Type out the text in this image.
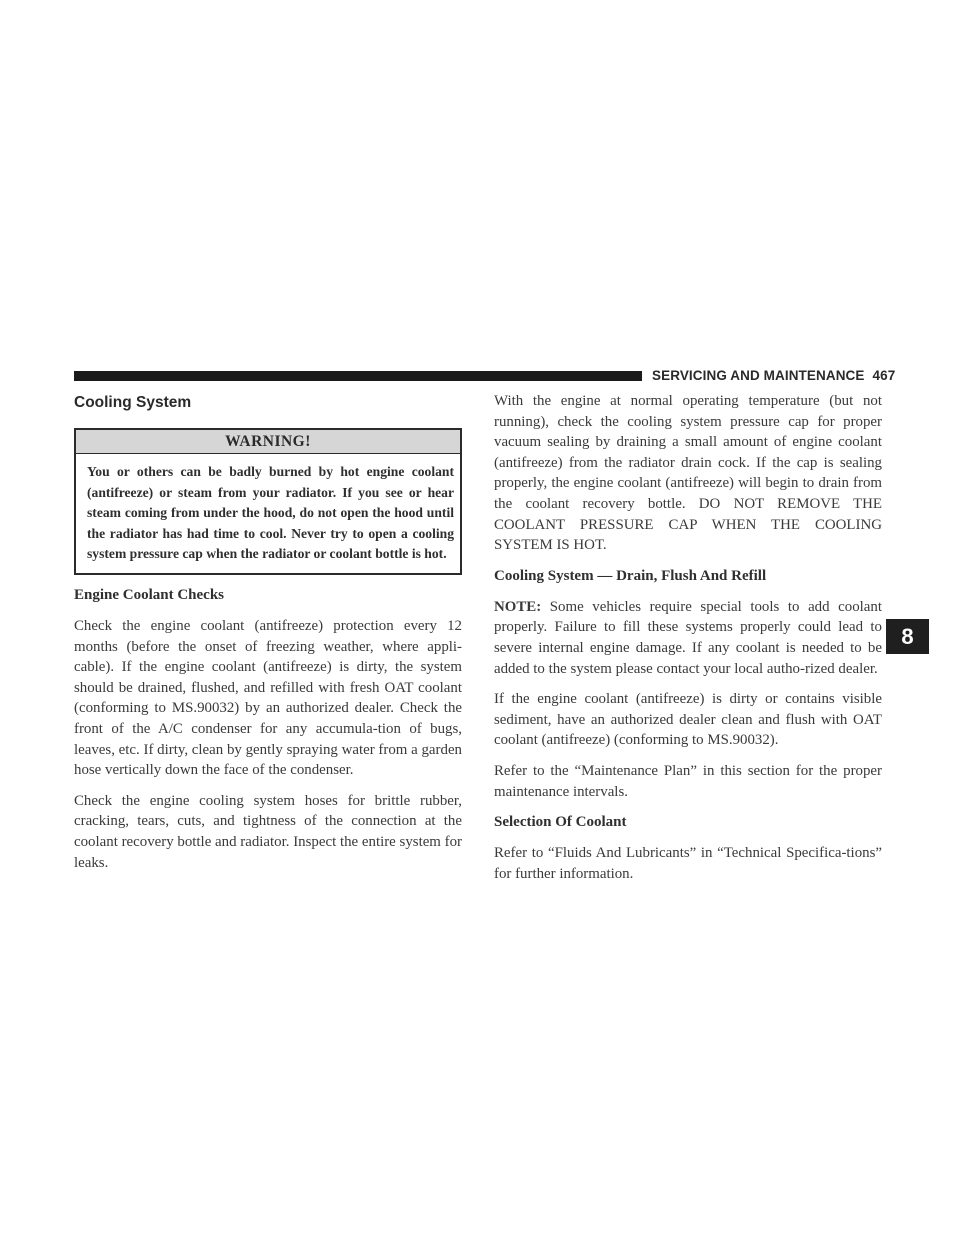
SERVICING AND MAINTENANCE 467
8
Cooling System
WARNING!
You or others can be badly burned by hot engine coolant (antifreeze) or steam from your radiator. If you see or hear steam coming from under the hood, do not open the hood until the radiator has had time to cool. Never try to open a cooling system pressure cap when the radiator or coolant bottle is hot.
Engine Coolant Checks

Check the engine coolant (antifreeze) protection every 12 months (before the onset of freezing weather, where appli-cable). If the engine coolant (antifreeze) is dirty, the system should be drained, flushed, and refilled with fresh OAT coolant (conforming to MS.90032) by an authorized dealer. Check the front of the A/C condenser for any accumula-tion of bugs, leaves, etc. If dirty, clean by gently spraying water from a garden hose vertically down the face of the condenser.

Check the engine cooling system hoses for brittle rubber, cracking, tears, cuts, and tightness of the connection at the coolant recovery bottle and radiator. Inspect the entire system for leaks.

With the engine at normal operating temperature (but not running), check the cooling system pressure cap for proper vacuum sealing by draining a small amount of engine coolant (antifreeze) from the radiator drain cock. If the cap is sealing properly, the engine coolant (antifreeze) will begin to drain from the coolant recovery bottle. DO NOT REMOVE THE COOLANT PRESSURE CAP WHEN THE COOLING SYSTEM IS HOT.

Cooling System — Drain, Flush And Refill

NOTE: Some vehicles require special tools to add coolant properly. Failure to fill these systems properly could lead to severe internal engine damage. If any coolant is needed to be added to the system please contact your local autho-rized dealer.

If the engine coolant (antifreeze) is dirty or contains visible sediment, have an authorized dealer clean and flush with OAT coolant (antifreeze) (conforming to MS.90032).

Refer to the “Maintenance Plan” in this section for the proper maintenance intervals.

Selection Of Coolant

Refer to “Fluids And Lubricants” in “Technical Specifica-tions” for further information.
